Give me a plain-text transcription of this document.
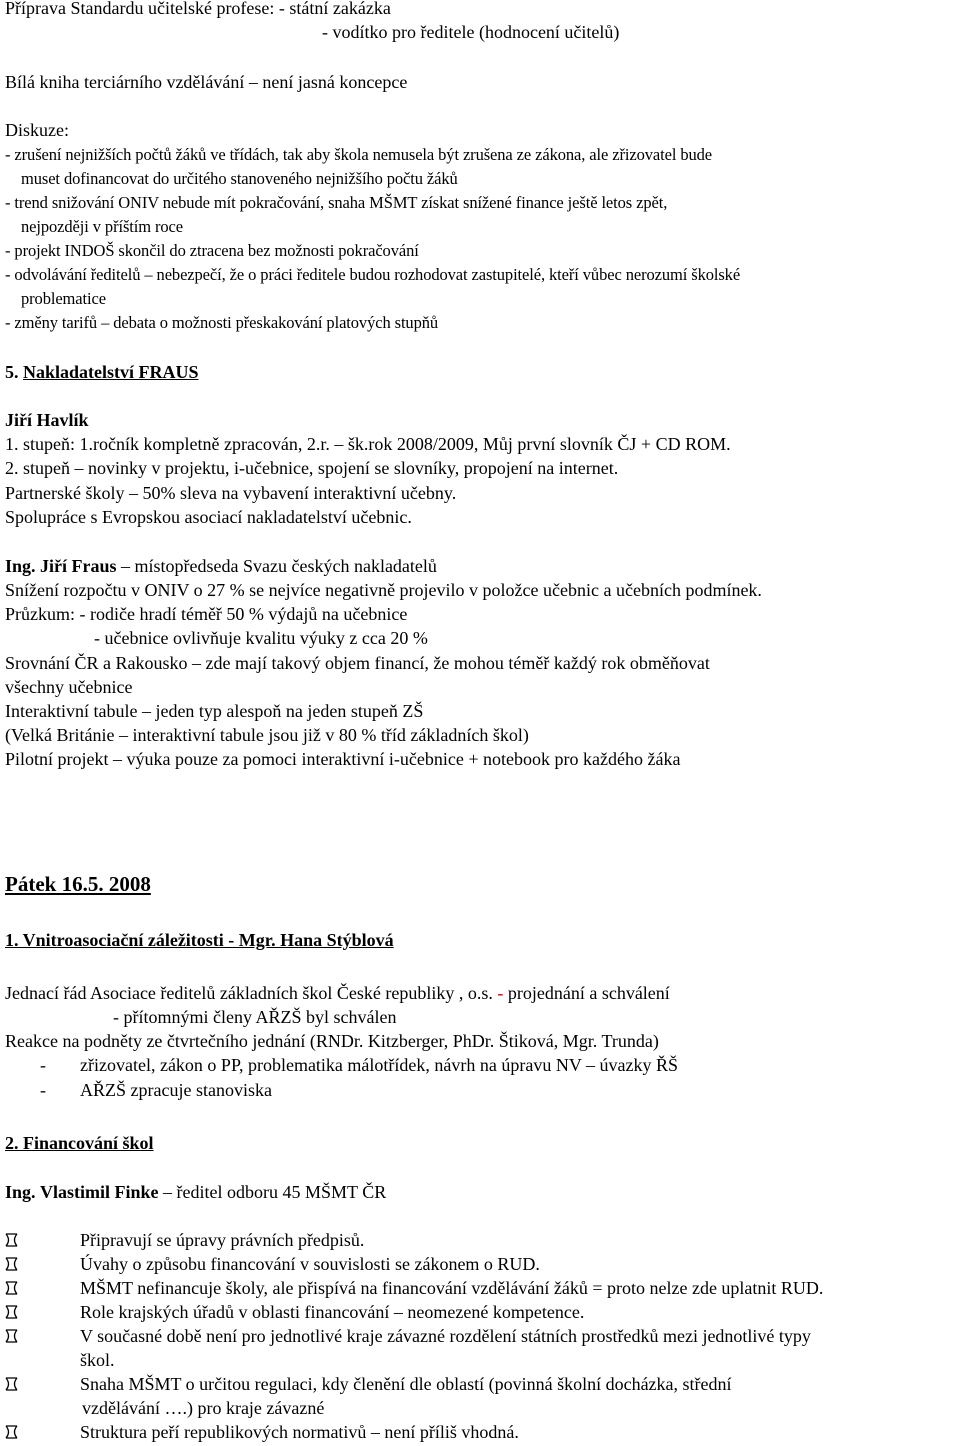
Příprava Standardu učitelské profese: - státní zakázka
- vodítko pro ředitele (hodnocení učitelů)
Bílá kniha terciárního vzdělávání – není jasná koncepce
Diskuze:
- zrušení nejnižších počtů žáků ve třídách, tak aby škola nemusela být zrušena ze zákona, ale zřizovatel bude
muset dofinancovat do určitého stanoveného nejnižšího počtu žáků
- trend snižování ONIV nebude mít pokračování, snaha MŠMT získat snížené finance ještě letos zpět,
nejpozději v příštím roce
- projekt INDOŠ skončil do ztracena bez možnosti pokračování
- odvolávání ředitelů – nebezpečí, že o práci ředitele budou rozhodovat zastupitelé, kteří vůbec nerozumí školské
problematice
- změny tarifů – debata o možnosti přeskakování platových stupňů
5. Nakladatelství FRAUS
Jiří Havlík
1. stupeň: 1.ročník kompletně zpracován, 2.r. – šk.rok 2008/2009, Můj první slovník ČJ + CD ROM.
2. stupeň – novinky v projektu, i-učebnice, spojení se slovníky, propojení na internet.
Partnerské školy – 50% sleva na vybavení interaktivní učebny.
Spolupráce s Evropskou asociací nakladatelství učebnic.
Ing. Jiří Fraus – místopředseda Svazu českých nakladatelů
Snížení rozpočtu v ONIV o 27 % se nejvíce negativně projevilo v položce učebnic a učebních podmínek.
Průzkum: - rodiče hradí téměř 50 % výdajů na učebnice
- učebnice ovlivňuje kvalitu výuky z cca 20 %
Srovnání ČR a Rakousko – zde mají takový objem financí, že mohou téměř každý rok obměňovat
všechny učebnice
Interaktivní tabule – jeden typ alespoň na jeden stupeň ZŠ
(Velká Británie – interaktivní tabule jsou již v 80 % tříd základních škol)
Pilotní projekt – výuka pouze za pomoci interaktivní i-učebnice + notebook pro každého žáka
Pátek 16.5. 2008
1. Vnitroasociační záležitosti - Mgr. Hana Stýblová
Jednací řád Asociace ředitelů základních škol České republiky , o.s. - projednání a schválení
- přítomnými členy AŘZŠ byl schválen
Reakce na podněty ze čtvrtečního jednání (RNDr. Kitzberger, PhDr. Štiková, Mgr. Trunda)
- zřizovatel, zákon o PP, problematika málotřídek, návrh na úpravu NV – úvazky ŘŠ
- AŘZŠ zpracuje stanoviska
2. Financování škol
Ing. Vlastimil Finke – ředitel odboru 45 MŠMT ČR
Připravují se úpravy právních předpisů.
Úvahy o způsobu financování v souvislosti se zákonem o RUD.
MŠMT nefinancuje školy, ale přispívá na financování vzdělávání žáků = proto nelze zde uplatnit RUD.
Role krajských úřadů v oblasti financování – neomezené kompetence.
V současné době není pro jednotlivé kraje závazné rozdělení státních prostředků mezi jednotlivé typy
škol.
Snaha MŠMT o určitou regulaci, kdy členění dle oblastí (povinná školní docházka, střední
vzdělávání ….) pro kraje závazné
Struktura peří republikových normativů – není příliš vhodná.
